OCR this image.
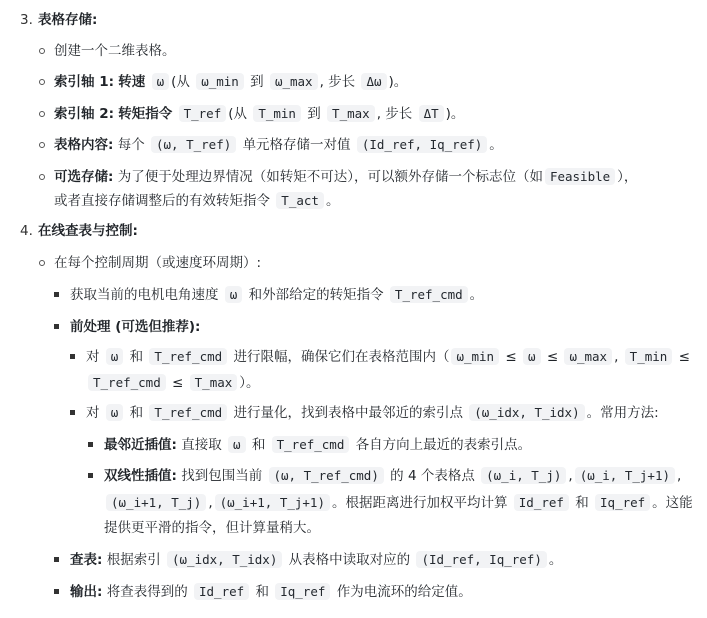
3. 表格存储:
创建一个二维表格。
索引轴 1: 转速 ω (从 ω_min 到 ω_max , 步长 Δω )。
索引轴 2: 转矩指令 T_ref (从 T_min 到 T_max , 步长 ΔT )。
表格内容: 每个 (ω, T_ref) 单元格存储一对值 (Id_ref, Iq_ref) 。
可选存储: 为了便于处理边界情况（如转矩不可达），可以额外存储一个标志位（如 Feasible ），
或者直接存储调整后的有效转矩指令 T_act 。
4. 在线查表与控制:
在每个控制周期（或速度环周期）:
获取当前的电机电角速度 ω 和外部给定的转矩指令 T_ref_cmd 。
前处理 (可选但推荐):
对 ω 和 T_ref_cmd 进行限幅，确保它们在表格范围内（ ω_min ≤ ω ≤ ω_max , T_min ≤
T_ref_cmd ≤ T_max ）。
对 ω 和 T_ref_cmd 进行量化，找到表格中最邻近的索引点 (ω_idx, T_idx) 。常用方法:
最邻近插值: 直接取 ω 和 T_ref_cmd 各自方向上最近的表索引点。
双线性插值: 找到包围当前 (ω, T_ref_cmd) 的 4 个表格点 (ω_i, T_j) , (ω_i, T_j+1) ,
(ω_i+1, T_j) , (ω_i+1, T_j+1) 。根据距离进行加权平均计算 Id_ref 和 Iq_ref 。这能
提供更平滑的指令，但计算量稍大。
查表: 根据索引 (ω_idx, T_idx) 从表格中读取对应的 (Id_ref, Iq_ref) 。
输出: 将查表得到的 Id_ref 和 Iq_ref 作为电流环的给定值。
